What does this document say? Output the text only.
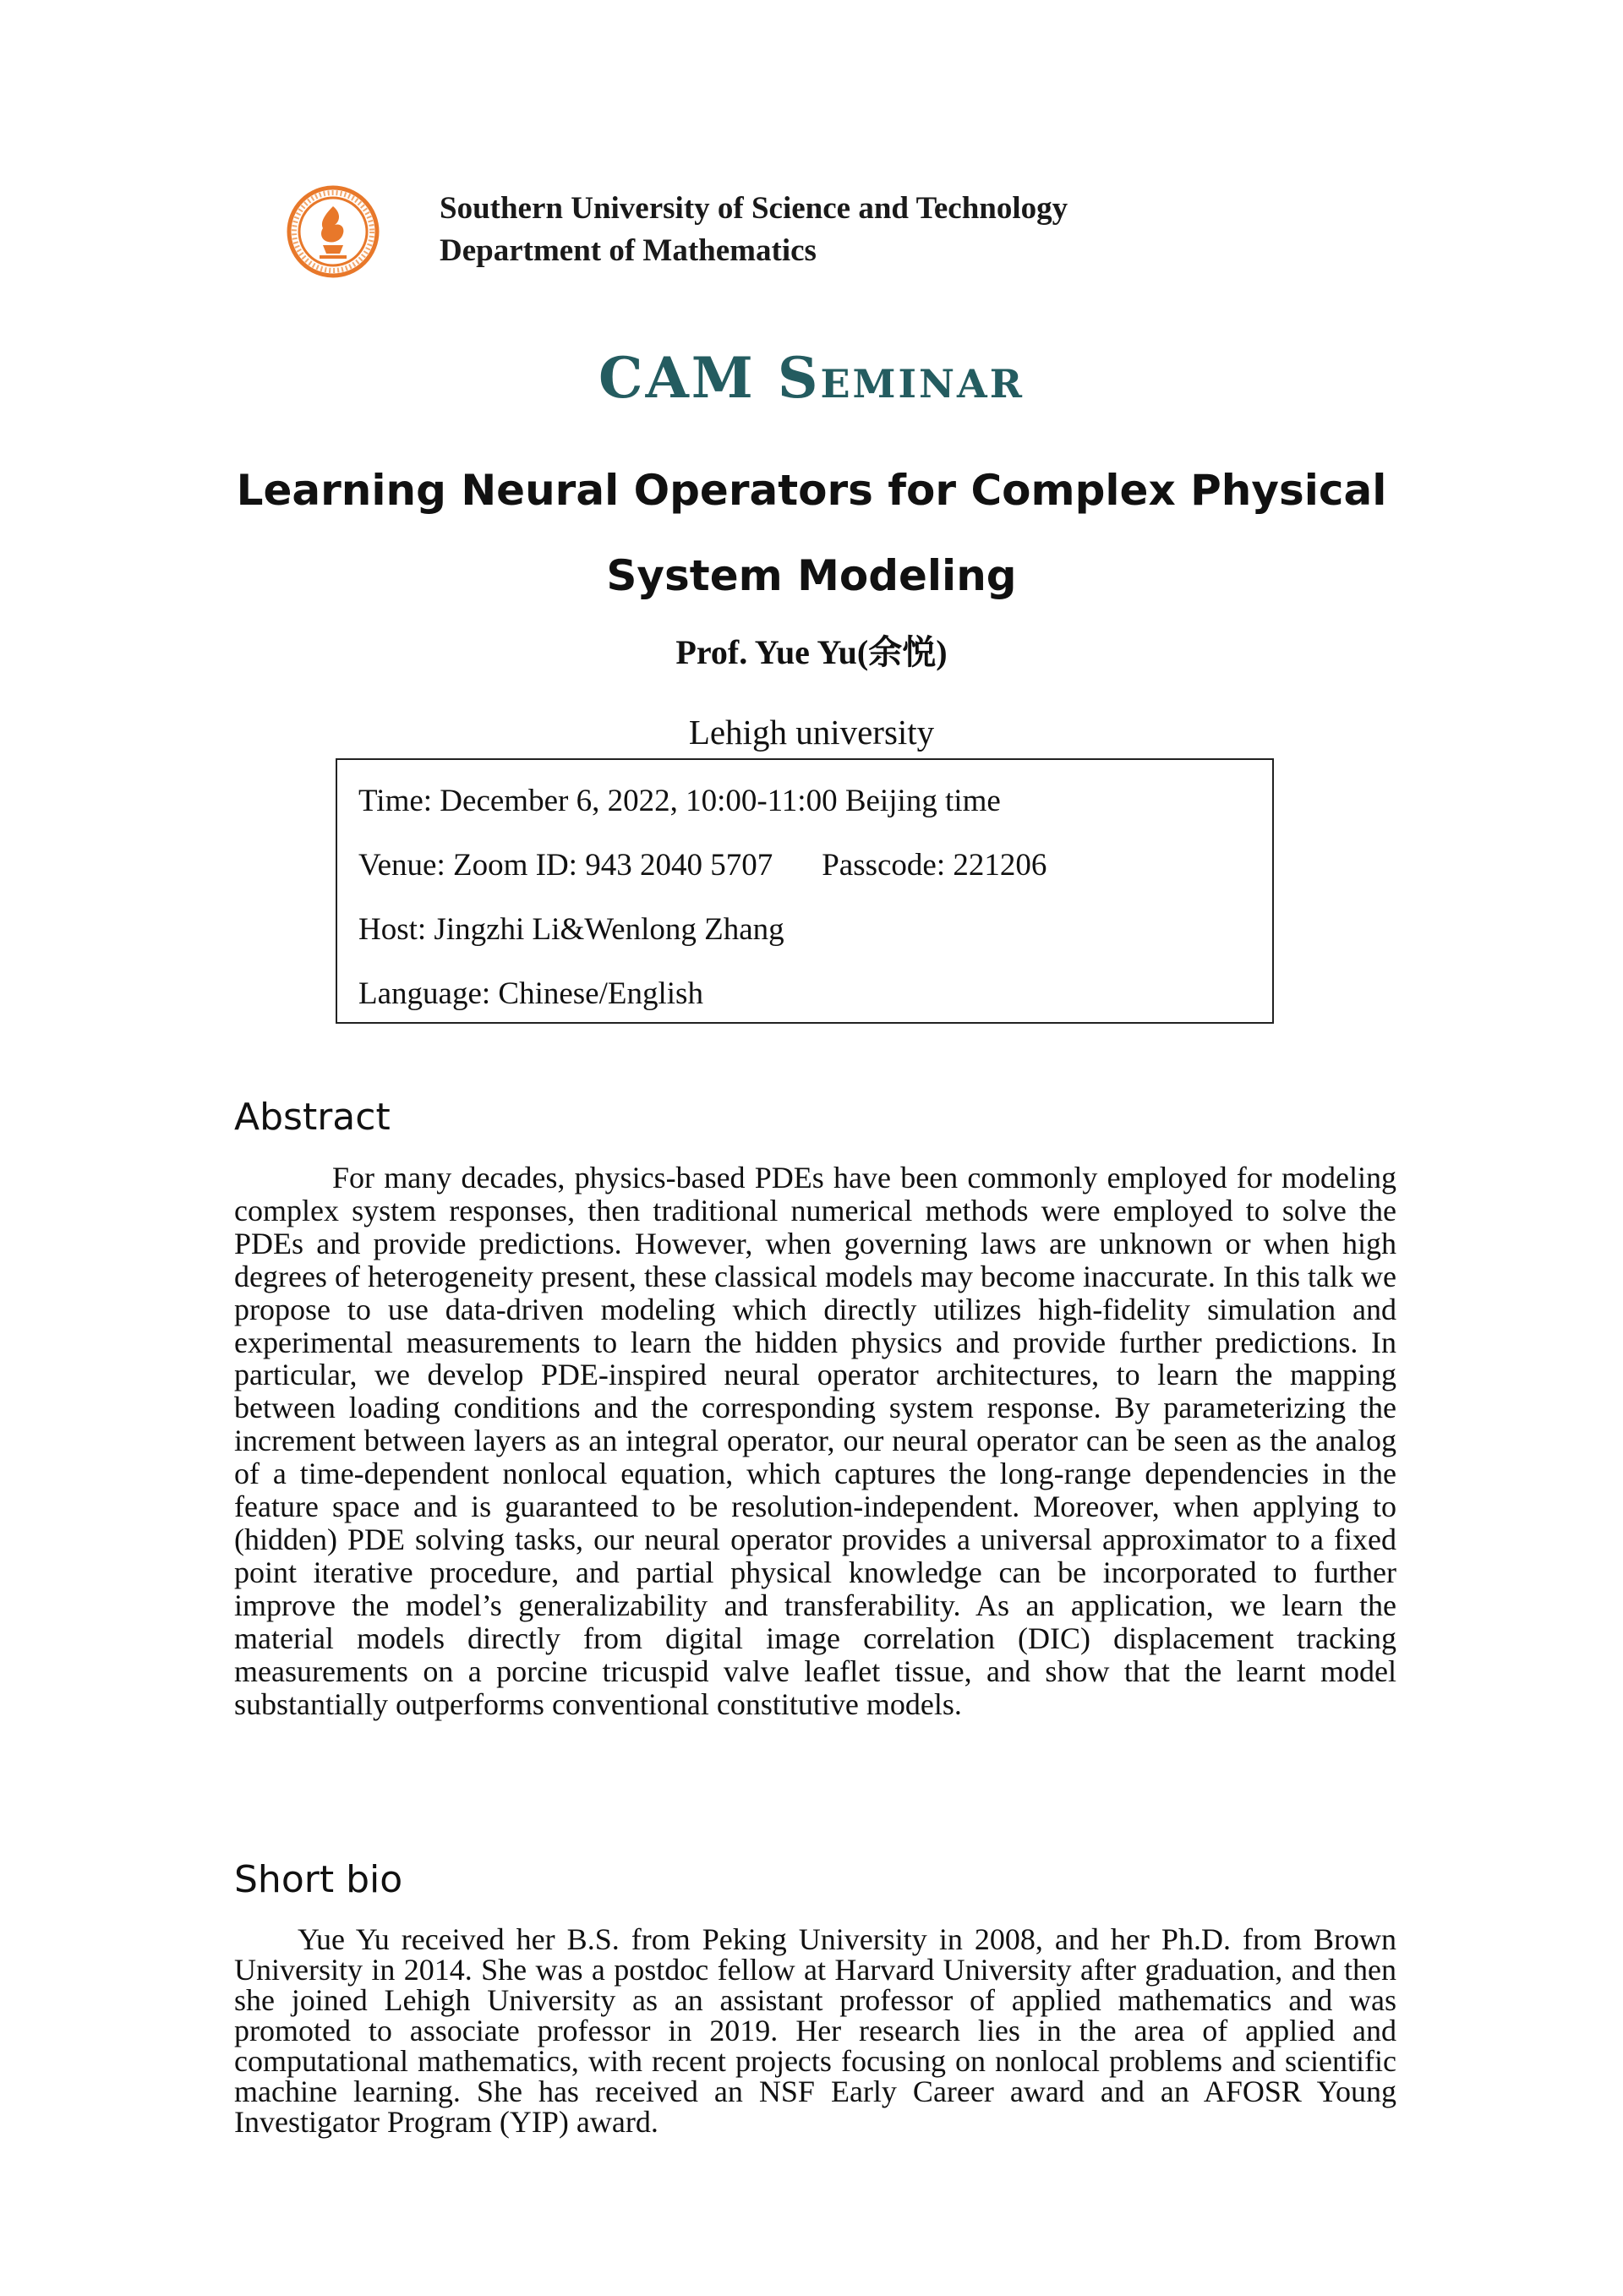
Southern University of Science and Technology
Department of Mathematics
CAM Seminar
Learning Neural Operators for Complex Physical
System Modeling
Prof. Yue Yu(余悦)
Lehigh university
Time: December 6, 2022, 10:00-11:00 Beijing time
Venue: Zoom ID: 943 2040 5707 Passcode: 221206
Host: Jingzhi Li&Wenlong Zhang
Language: Chinese/English
Abstract

For many decades, physics-based PDEs have been commonly employed for modeling complex system responses, then traditional numerical methods were employed to solve the PDEs and provide predictions. However, when governing laws are unknown or when high degrees of heterogeneity present, these classical models may become inaccurate. In this talk we propose to use data-driven modeling which directly utilizes high-fidelity simulation and experimental measurements to learn the hidden physics and provide further predictions. In particular, we develop PDE-inspired neural operator architectures, to learn the mapping between loading conditions and the corresponding system response. By parameterizing the increment between layers as an integral operator, our neural operator can be seen as the analog of a time-dependent nonlocal equation, which captures the long-range dependencies in the feature space and is guaranteed to be resolution-independent. Moreover, when applying to (hidden) PDE solving tasks, our neural operator provides a universal approximator to a fixed point iterative procedure, and partial physical knowledge can be incorporated to further improve the model’s generalizability and transferability. As an application, we learn the material models directly from digital image correlation (DIC) displacement tracking measurements on a porcine tricuspid valve leaflet tissue, and show that the learnt model substantially outperforms conventional constitutive models.

Short bio

Yue Yu received her B.S. from Peking University in 2008, and her Ph.D. from Brown University in 2014. She was a postdoc fellow at Harvard University after graduation, and then she joined Lehigh University as an assistant professor of applied mathematics and was promoted to associate professor in 2019. Her research lies in the area of applied and computational mathematics, with recent projects focusing on nonlocal problems and scientific machine learning. She has received an NSF Early Career award and an AFOSR Young Investigator Program (YIP) award.
